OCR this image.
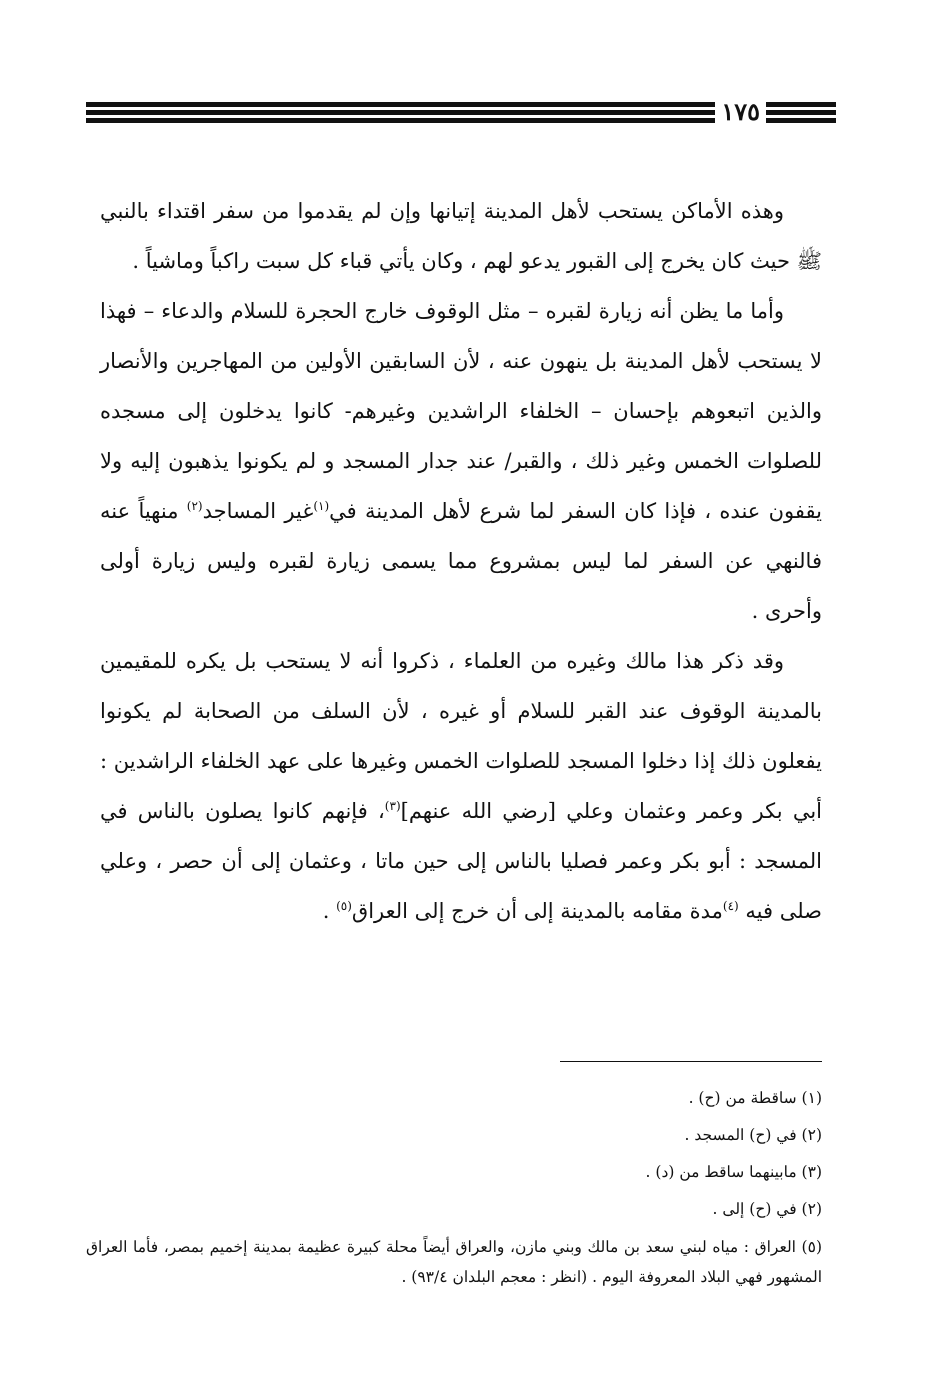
١٧٥

وهذه الأماكن يستحب لأهل المدينة إتيانها وإن لم يقدموا من سفر اقتداء بالنبي ﷺ حيث كان يخرج إلى القبور يدعو لهم ، وكان يأتي قباء كل سبت راكباً وماشياً .

وأما ما يظن أنه زيارة لقبره – مثل الوقوف خارج الحجرة للسلام والدعاء – فهذا لا يستحب لأهل المدينة بل ينهون عنه ، لأن السابقين الأولين من المهاجرين والأنصار والذين اتبعوهم بإحسان – الخلفاء الراشدين وغيرهم- كانوا يدخلون إلى مسجده للصلوات الخمس وغير ذلك ، والقبر/ عند جدار المسجد و لم يكونوا يذهبون إليه ولا يقفون عنده ، فإذا كان السفر لما شرع لأهل المدينة في$^{(١)}$غير المساجد$^{(٢)}$ منهياً عنه فالنهي عن السفر لما ليس بمشروع مما يسمى زيارة لقبره وليس زيارة أولى وأحرى .

وقد ذكر هذا مالك وغيره من العلماء ، ذكروا أنه لا يستحب بل يكره للمقيمين بالمدينة الوقوف عند القبر للسلام أو غيره ، لأن السلف من الصحابة لم يكونوا يفعلون ذلك إذا دخلوا المسجد للصلوات الخمس وغيرها على عهد الخلفاء الراشدين : أبي بكر وعمر وعثمان وعلي [رضي الله عنهم]$^{(٣)}$، فإنهم كانوا يصلون بالناس في المسجد : أبو بكر وعمر فصليا بالناس إلى حين ماتا ، وعثمان إلى أن حصر ، وعلي صلى فيه $^{(٤)}$مدة مقامه بالمدينة إلى أن خرج إلى العراق$^{(٥)}$ .

(١) ساقطة من (ح) .

(٢) في (ح) المسجد .

(٣) مابينهما ساقط من (د) .

(٢) في (ح) إلى .

(٥) العراق : مياه لبني سعد بن مالك وبني مازن، والعراق أيضاً محلة كبيرة عظيمة بمدينة إخميم بمصر، فأما العراق المشهور فهي البلاد المعروفة اليوم . (انظر : معجم البلدان ٩٣/٤) .
